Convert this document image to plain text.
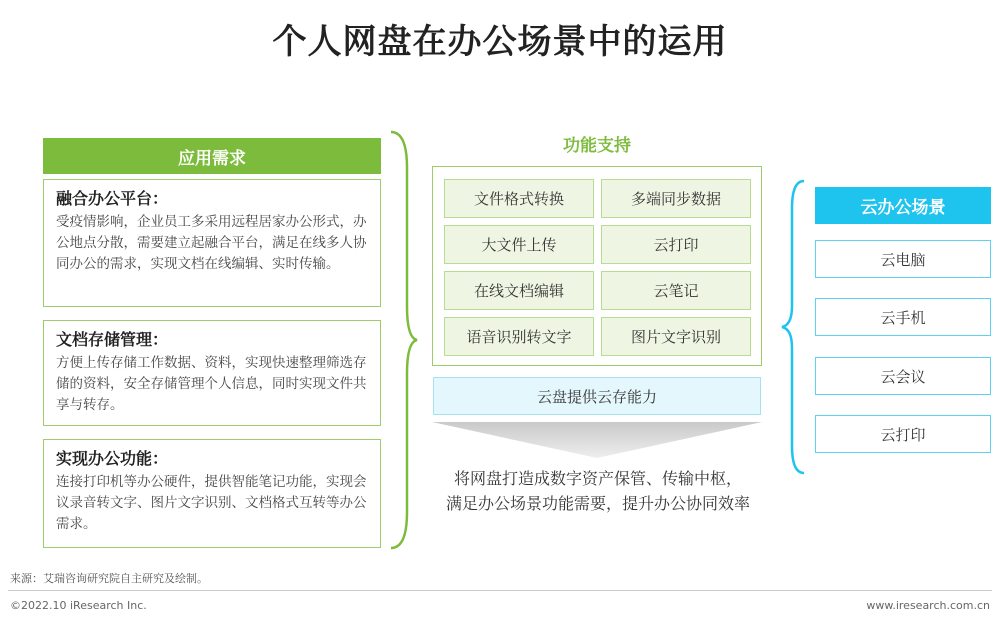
个人网盘在办公场景中的运用
应用需求
融合办公平台：
受疫情影响，企业员工多采用远程居家办公形式，办公地点分散，需要建立起融合平台，满足在线多人协同办公的需求，实现文档在线编辑、实时传输。
文档存储管理：
方便上传存储工作数据、资料，实现快速整理筛选存储的资料，安全存储管理个人信息，同时实现文件共享与转存。
实现办公功能：
连接打印机等办公硬件，提供智能笔记功能，实现会议录音转文字、图片文字识别、文档格式互转等办公需求。
功能支持
文件格式转换	多端同步数据
大文件上传	云打印
在线文档编辑	云笔记
语音识别转文字	图片文字识别
云盘提供云存能力
将网盘打造成数字资产保管、传输中枢，
满足办公场景功能需要，提升办公协同效率
云办公场景
云电脑
云手机
云会议
云打印
来源：艾瑞咨询研究院自主研究及绘制。
©2022.10 iResearch Inc.	www.iresearch.com.cn
